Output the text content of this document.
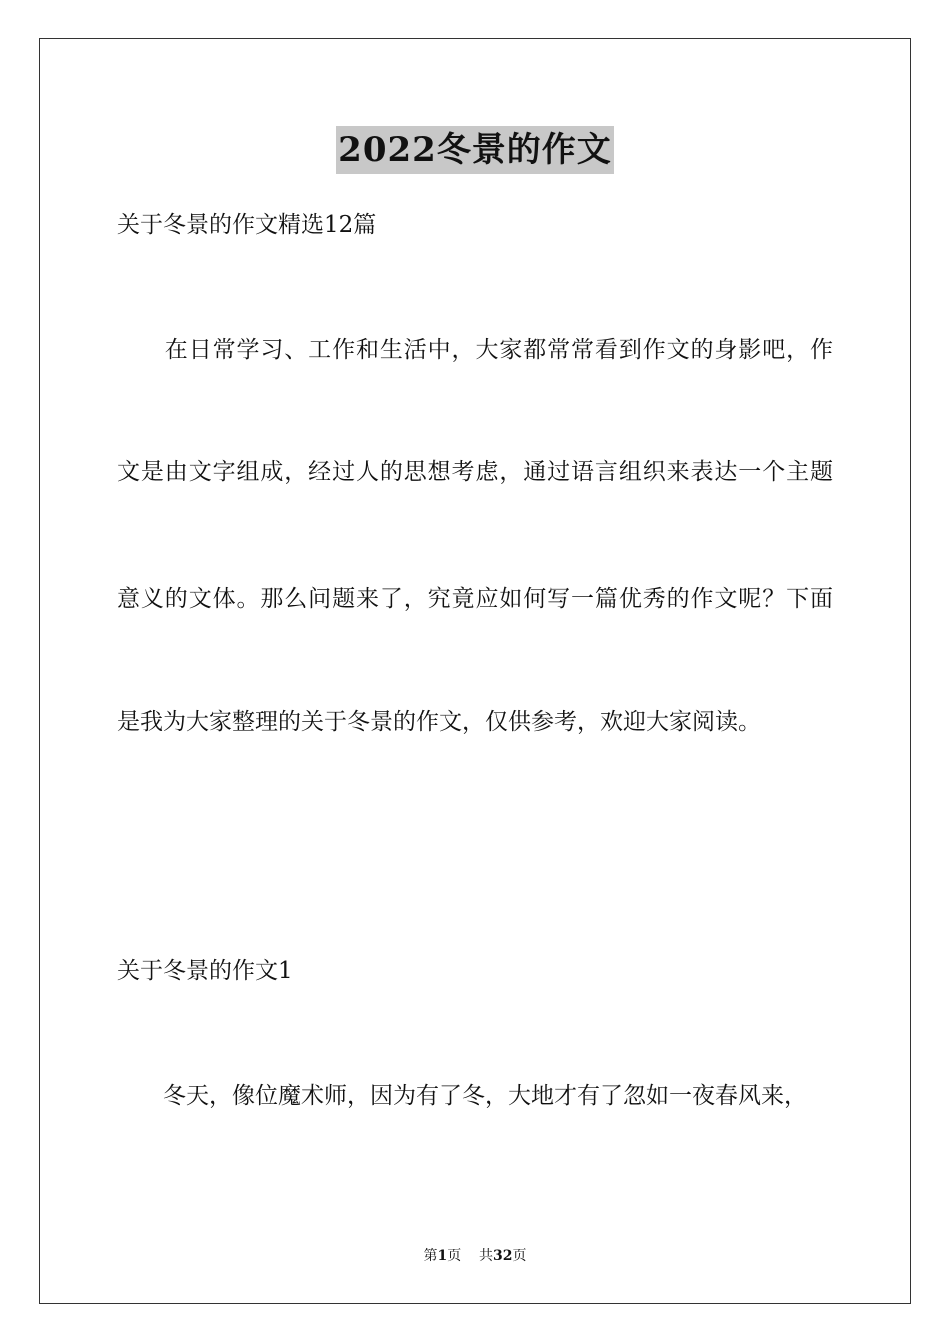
2022冬景的作文
关于冬景的作文精选12篇
　　在日常学习、工作和生活中，大家都常常看到作文的身影吧，作
文是由文字组成，经过人的思想考虑，通过语言组织来表达一个主题
意义的文体。那么问题来了，究竟应如何写一篇优秀的作文呢？下面
是我为大家整理的关于冬景的作文，仅供参考，欢迎大家阅读。
关于冬景的作文1
　　冬天，像位魔术师，因为有了冬，大地才有了忽如一夜春风来，
第1页 共32页
